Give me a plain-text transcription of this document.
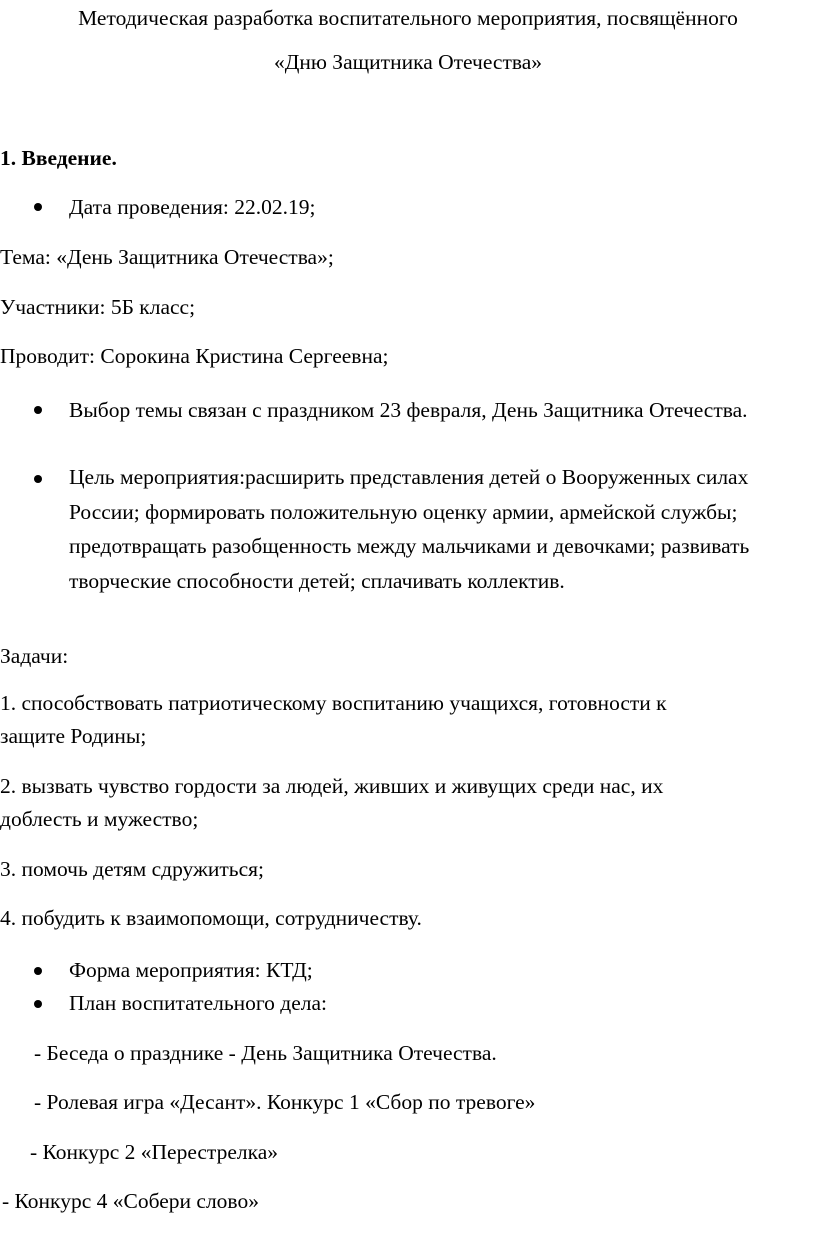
Методическая разработка воспитательного мероприятия, посвящённого
«Дню Защитника Отечества»
1. Введение.
Дата проведения: 22.02.19;
Тема: «День Защитника Отечества»;
Участники: 5Б класс;
Проводит: Сорокина Кристина Сергеевна;
Выбор темы связан с праздником 23 февраля, День Защитника Отечества.
Цель мероприятия:расширить представления детей о Вооруженных силах России; формировать положительную оценку армии, армейской службы; предотвращать разобщенность между мальчиками и девочками; развивать творческие способности детей; сплачивать коллектив.
Задачи:
1. способствовать патриотическому воспитанию учащихся, готовности к
защите Родины;
2. вызвать чувство гордости за людей, живших и живущих среди нас, их
доблесть и мужество;
3. помочь детям сдружиться;
4. побудить к взаимопомощи, сотрудничеству.
Форма мероприятия: КТД;
План воспитательного дела:
- Беседа о празднике - День Защитника Отечества.
- Ролевая игра «Десант». Конкурс 1 «Сбор по тревоге»
- Конкурс 2 «Перестрелка»
- Конкурс 4 «Собери слово»
